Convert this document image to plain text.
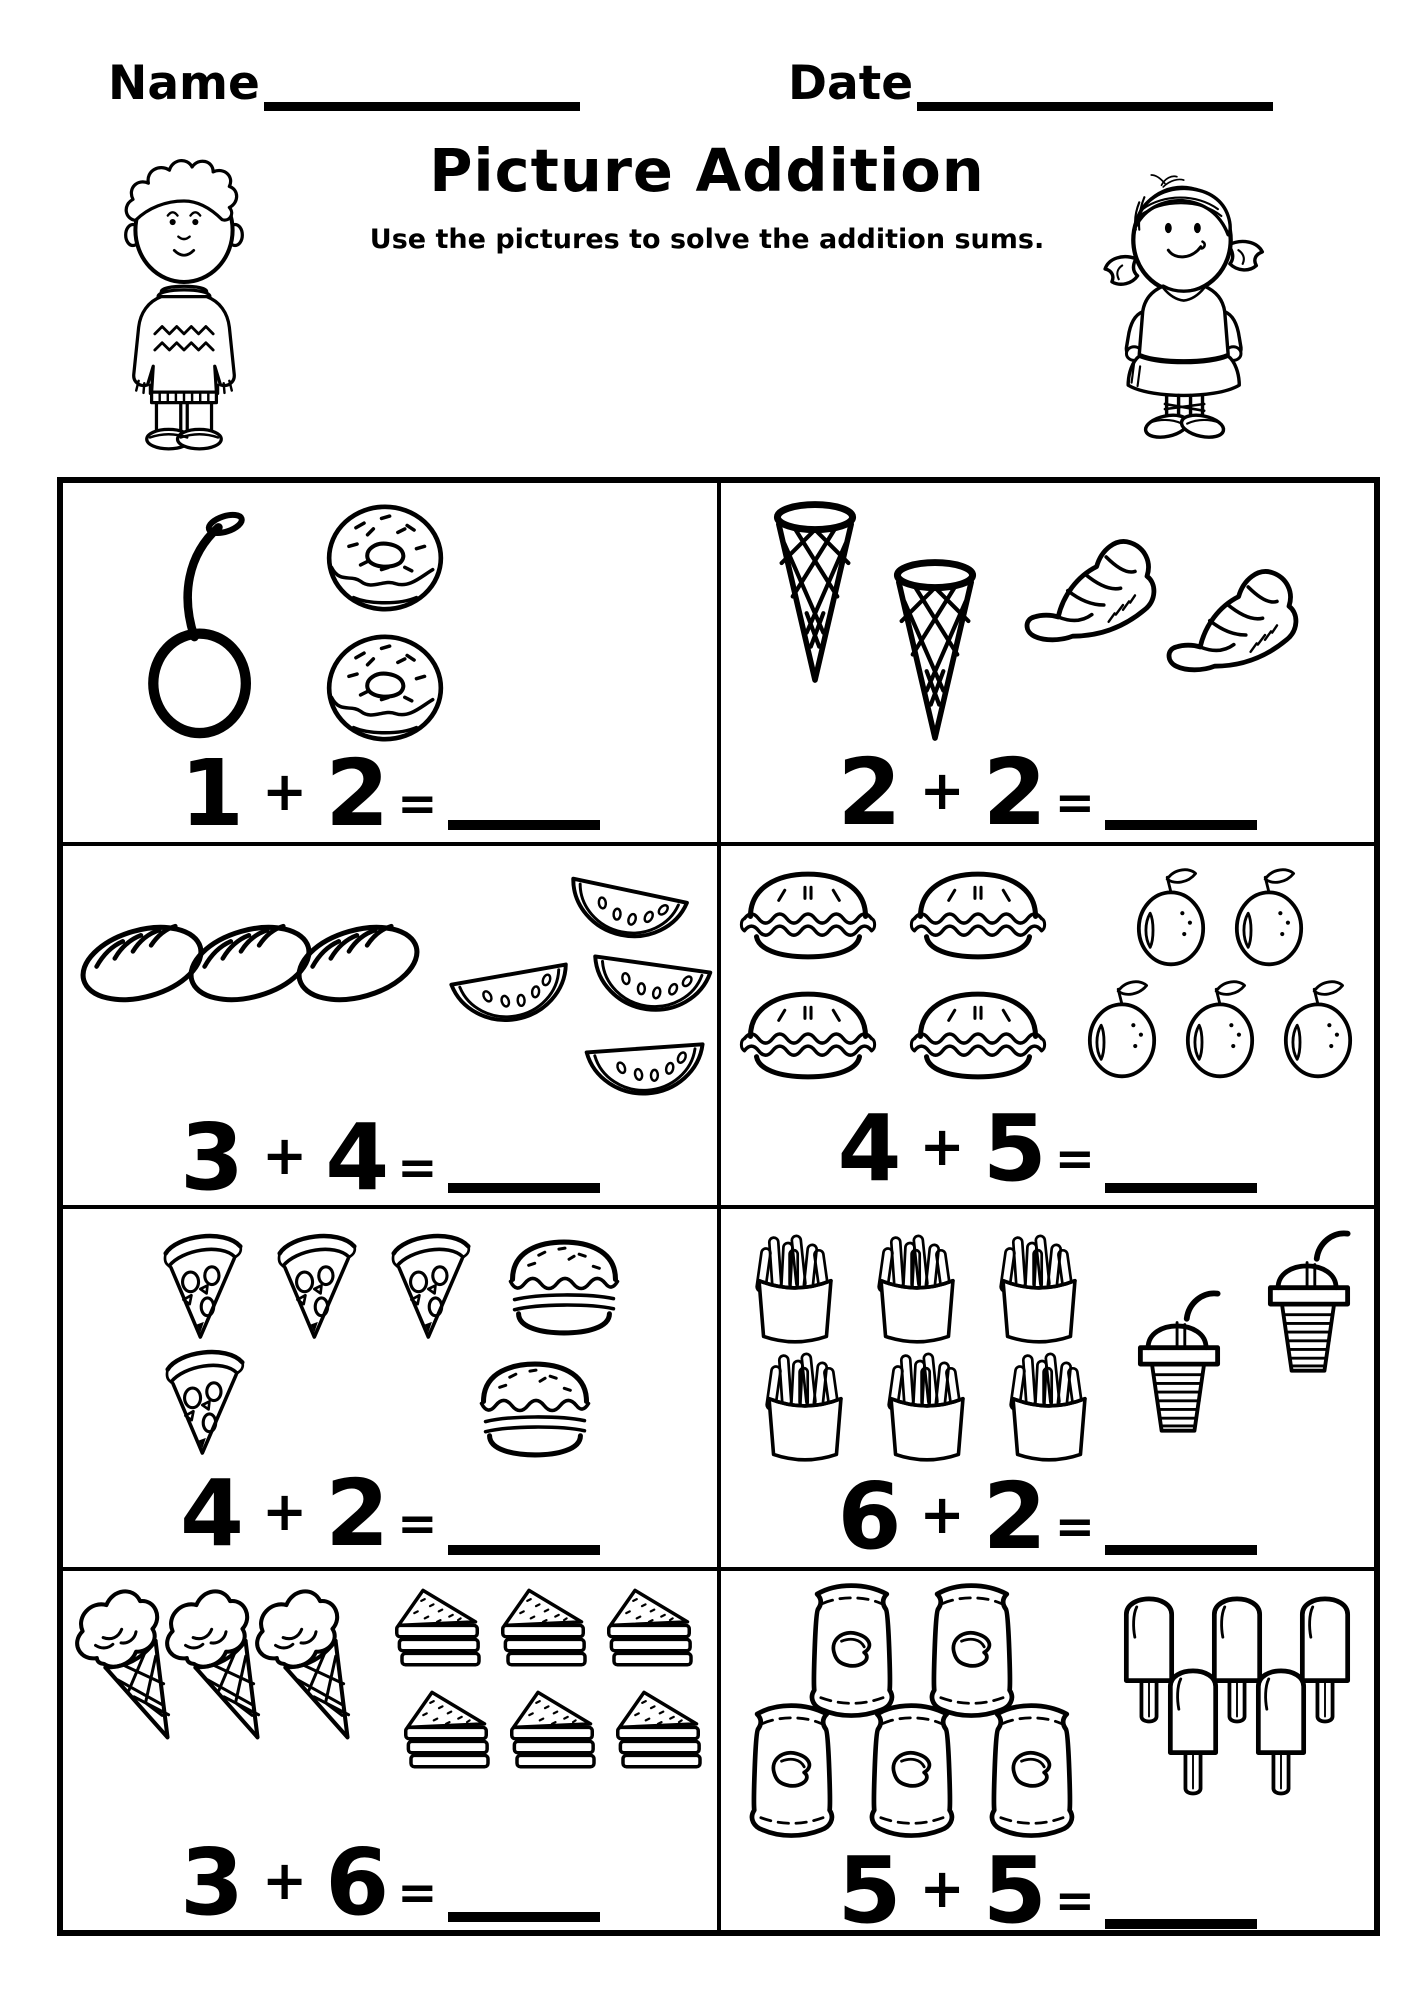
Name	Date
Picture Addition
Use the pictures to solve the addition sums.
1 + 2 =	2 + 2 =
3 + 4 =	4 + 5 =
4 + 2 =	6 + 2 =
3 + 6 =	5 + 5 =
